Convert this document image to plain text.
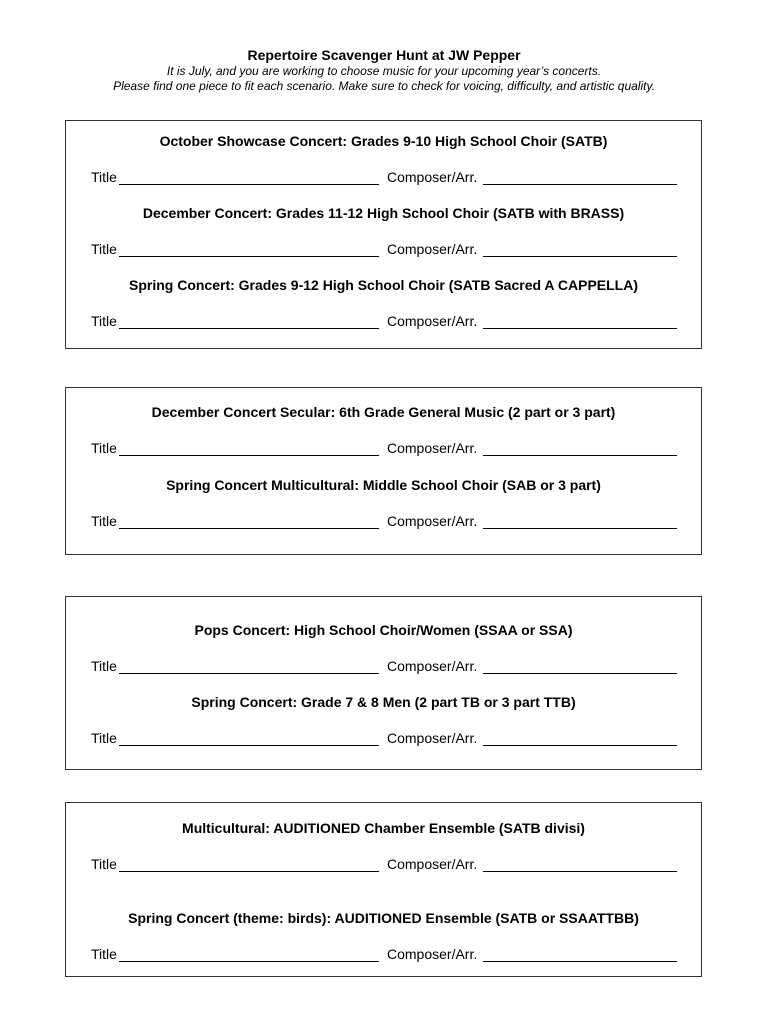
Repertoire Scavenger Hunt at JW Pepper
It is July, and you are working to choose music for your upcoming year’s concerts.
Please find one piece to fit each scenario. Make sure to check for voicing, difficulty, and artistic quality.
October Showcase Concert: Grades 9-10 High School Choir (SATB)
Title	Composer/Arr.
December Concert: Grades 11-12 High School Choir (SATB with BRASS)
Title	Composer/Arr.
Spring Concert: Grades 9-12 High School Choir (SATB Sacred A CAPPELLA)
Title	Composer/Arr.
December Concert Secular: 6th Grade General Music (2 part or 3 part)
Title	Composer/Arr.
Spring Concert Multicultural: Middle School Choir (SAB or 3 part)
Title	Composer/Arr.
Pops Concert: High School Choir/Women (SSAA or SSA)
Title	Composer/Arr.
Spring Concert: Grade 7 & 8 Men (2 part TB or 3 part TTB)
Title	Composer/Arr.
Multicultural: AUDITIONED Chamber Ensemble (SATB divisi)
Title	Composer/Arr.
Spring Concert (theme: birds): AUDITIONED Ensemble (SATB or SSAATTBB)
Title	Composer/Arr.
